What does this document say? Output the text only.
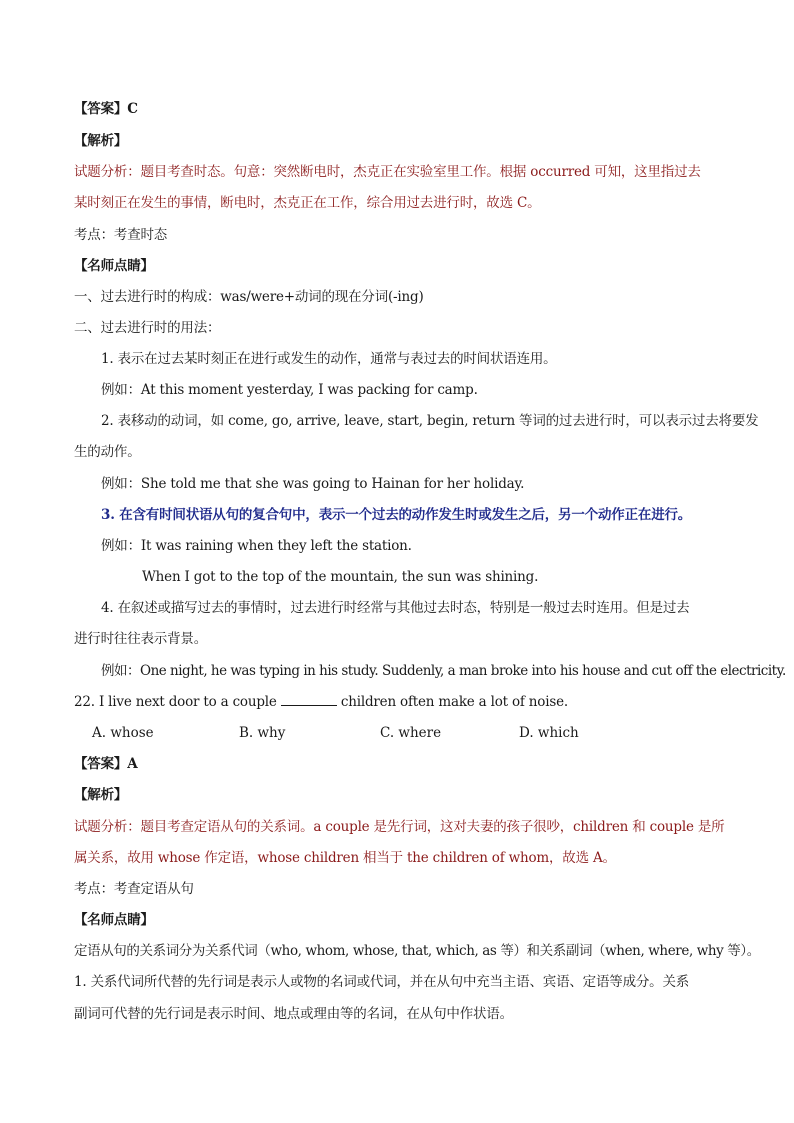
【答案】C
【解析】
试题分析：题目考查时态。句意：突然断电时，杰克正在实验室里工作。根据 occurred 可知，这里指过去
某时刻正在发生的事情，断电时，杰克正在工作，综合用过去进行时，故选 C。
考点：考查时态
【名师点睛】
一、过去进行时的构成：was/were+动词的现在分词(-ing)
二、过去进行时的用法：
1. 表示在过去某时刻正在进行或发生的动作，通常与表过去的时间状语连用。
例如：At this moment yesterday, I was packing for camp.
2. 表移动的动词，如 come, go, arrive, leave, start, begin, return 等词的过去进行时，可以表示过去将要发
生的动作。
例如：She told me that she was going to Hainan for her holiday.
3. 在含有时间状语从句的复合句中，表示一个过去的动作发生时或发生之后，另一个动作正在进行。
例如：It was raining when they left the station.
When I got to the top of the mountain, the sun was shining.
4. 在叙述或描写过去的事情时，过去进行时经常与其他过去时态，特别是一般过去时连用。但是过去
进行时往往表示背景。
例如：One night, he was typing in his study. Suddenly, a man broke into his house and cut off the electricity.
22. I live next door to a couple	children often make a lot of noise.
A. whose	B. why	C. where	D. which
【答案】A
【解析】
试题分析：题目考查定语从句的关系词。a couple 是先行词，这对夫妻的孩子很吵，children 和 couple 是所
属关系，故用 whose 作定语，whose children 相当于 the children of whom，故选 A。
考点：考查定语从句
【名师点睛】
定语从句的关系词分为关系代词（who, whom, whose, that, which, as 等）和关系副词（when, where, why 等）。
1. 关系代词所代替的先行词是表示人或物的名词或代词，并在从句中充当主语、宾语、定语等成分。关系
副词可代替的先行词是表示时间、地点或理由等的名词，在从句中作状语。
